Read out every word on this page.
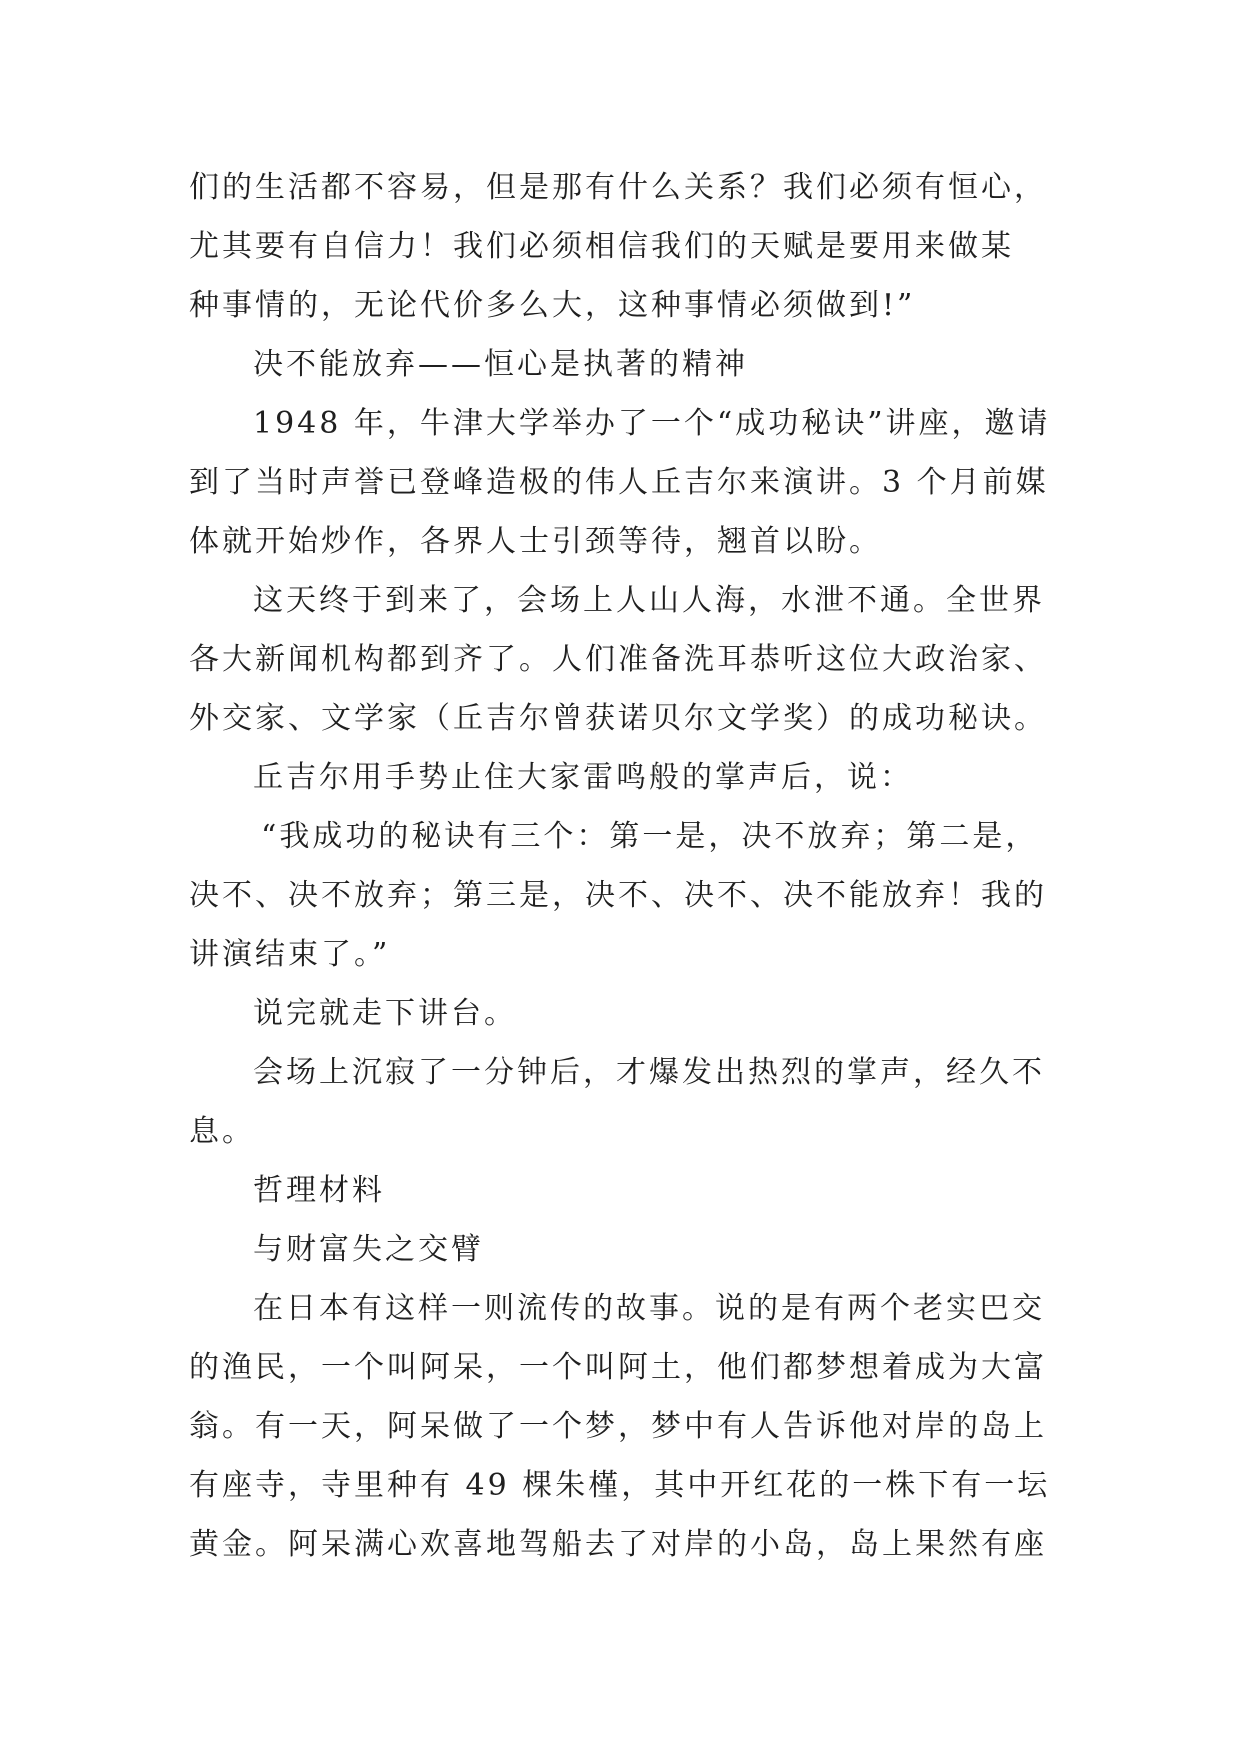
们的生活都不容易，但是那有什么关系？我们必须有恒心，
尤其要有自信力！我们必须相信我们的天赋是要用来做某
种事情的，无论代价多么大，这种事情必须做到!”
决不能放弃——恒心是执著的精神
1948 年，牛津大学举办了一个“成功秘诀”讲座，邀请
到了当时声誉已登峰造极的伟人丘吉尔来演讲。3 个月前媒
体就开始炒作，各界人士引颈等待，翘首以盼。
这天终于到来了，会场上人山人海，水泄不通。全世界
各大新闻机构都到齐了。人们准备洗耳恭听这位大政治家、
外交家、文学家（丘吉尔曾获诺贝尔文学奖）的成功秘诀。
丘吉尔用手势止住大家雷鸣般的掌声后，说：
“我成功的秘诀有三个：第一是，决不放弃；第二是，
决不、决不放弃；第三是，决不、决不、决不能放弃！我的
讲演结束了。”
说完就走下讲台。
会场上沉寂了一分钟后，才爆发出热烈的掌声，经久不
息。
哲理材料
与财富失之交臂
在日本有这样一则流传的故事。说的是有两个老实巴交
的渔民，一个叫阿呆，一个叫阿土，他们都梦想着成为大富
翁。有一天，阿呆做了一个梦，梦中有人告诉他对岸的岛上
有座寺，寺里种有 49 棵朱槿，其中开红花的一株下有一坛
黄金。阿呆满心欢喜地驾船去了对岸的小岛，岛上果然有座
